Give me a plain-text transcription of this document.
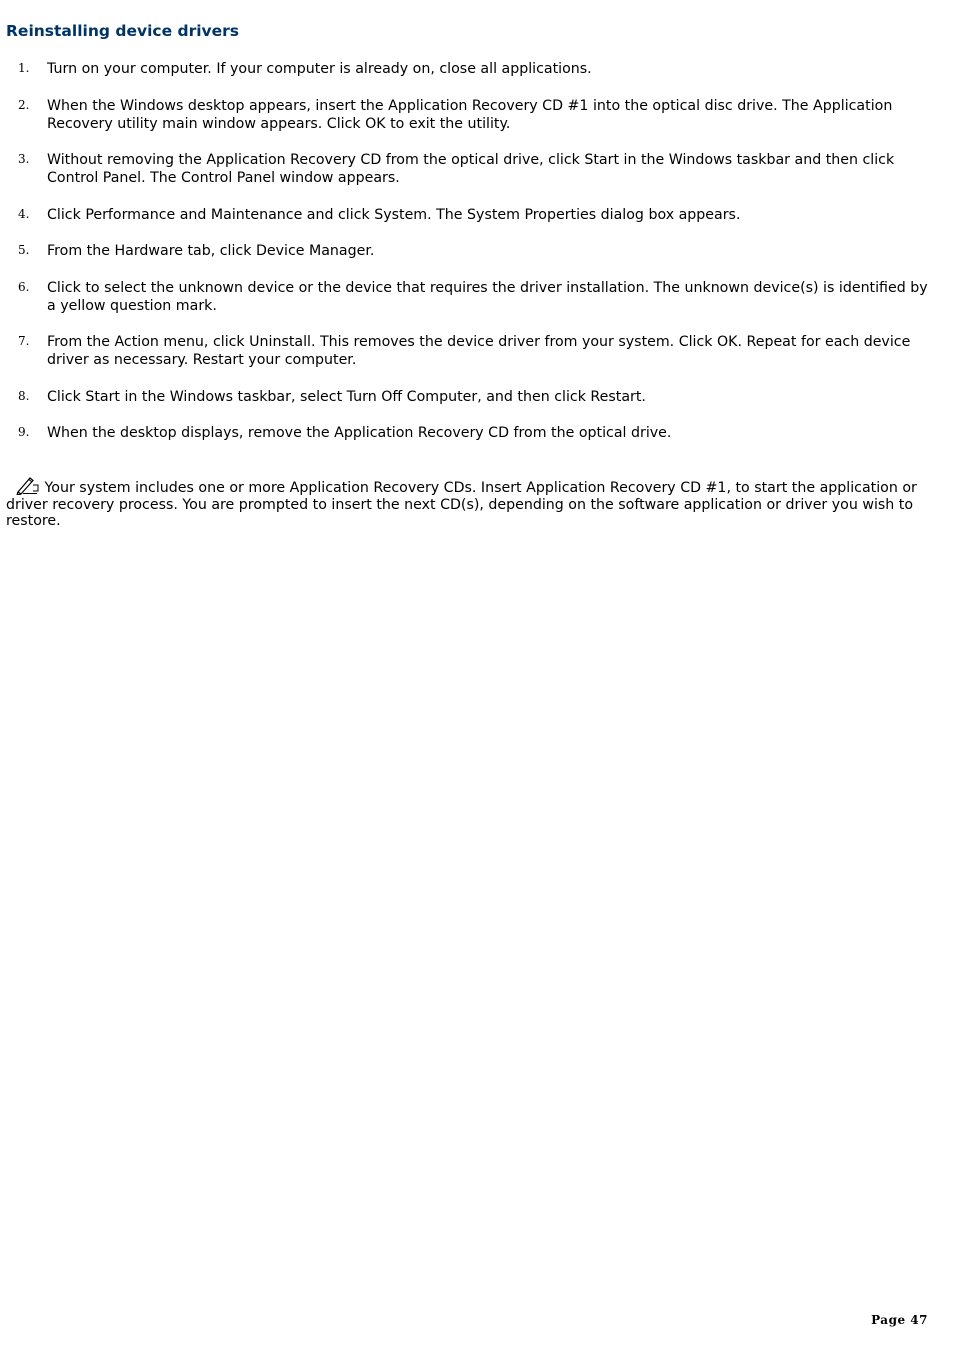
Reinstalling device drivers
1. Turn on your computer. If your computer is already on, close all applications.
2. When the Windows desktop appears, insert the Application Recovery CD #1 into the optical disc drive. The Application Recovery utility main window appears. Click OK to exit the utility.
3. Without removing the Application Recovery CD from the optical drive, click Start in the Windows taskbar and then click Control Panel. The Control Panel window appears.
4. Click Performance and Maintenance and click System. The System Properties dialog box appears.
5. From the Hardware tab, click Device Manager.
6. Click to select the unknown device or the device that requires the driver installation. The unknown device(s) is identified by a yellow question mark.
7. From the Action menu, click Uninstall. This removes the device driver from your system. Click OK. Repeat for each device driver as necessary. Restart your computer.
8. Click Start in the Windows taskbar, select Turn Off Computer, and then click Restart.
9. When the desktop displays, remove the Application Recovery CD from the optical drive.

Your system includes one or more Application Recovery CDs. Insert Application Recovery CD #1, to start the application or driver recovery process. You are prompted to insert the next CD(s), depending on the software application or driver you wish to restore.

Page 47
